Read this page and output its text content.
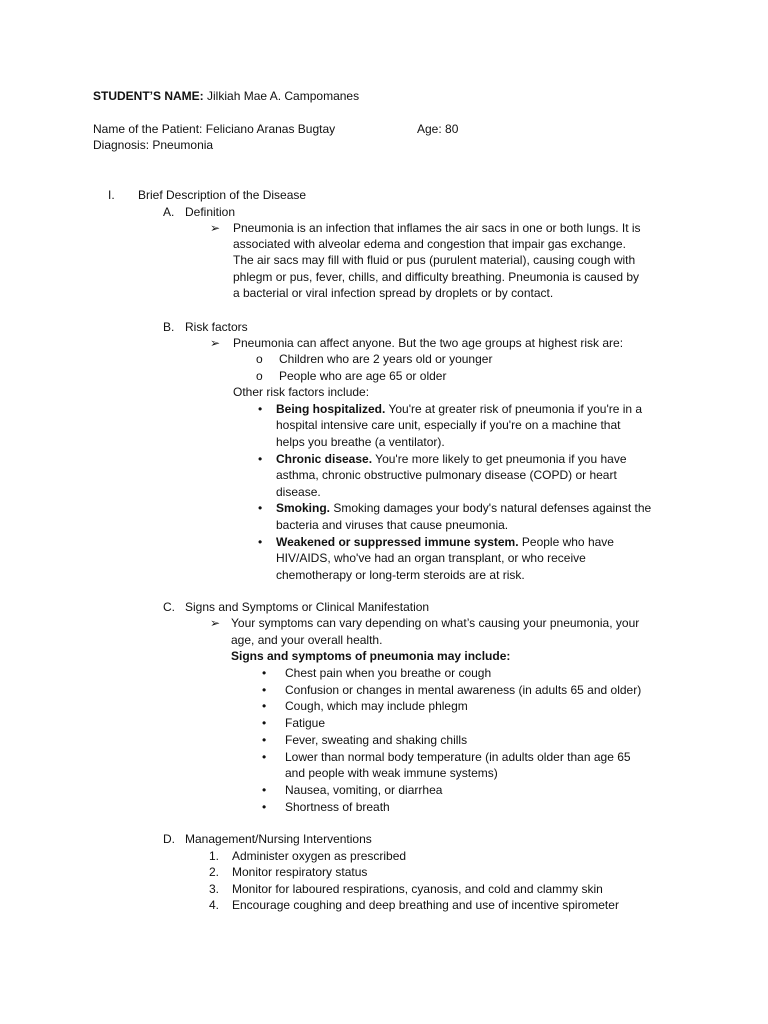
STUDENT’S NAME: Jilkiah Mae A. Campomanes
Name of the Patient: Feliciano Aranas Bugtay	Age: 80
Diagnosis: Pneumonia
I. Brief Description of the Disease
A. Definition
➢ Pneumonia is an infection that inflames the air sacs in one or both lungs. It is
associated with alveolar edema and congestion that impair gas exchange.
The air sacs may fill with fluid or pus (purulent material), causing cough with
phlegm or pus, fever, chills, and difficulty breathing. Pneumonia is caused by
a bacterial or viral infection spread by droplets or by contact.
B. Risk factors
➢ Pneumonia can affect anyone. But the two age groups at highest risk are:
o Children who are 2 years old or younger
o People who are age 65 or older
Other risk factors include:
• Being hospitalized. You're at greater risk of pneumonia if you're in a
hospital intensive care unit, especially if you're on a machine that
helps you breathe (a ventilator).
• Chronic disease. You're more likely to get pneumonia if you have
asthma, chronic obstructive pulmonary disease (COPD) or heart
disease.
• Smoking. Smoking damages your body's natural defenses against the
bacteria and viruses that cause pneumonia.
• Weakened or suppressed immune system. People who have
HIV/AIDS, who've had an organ transplant, or who receive
chemotherapy or long-term steroids are at risk.
C. Signs and Symptoms or Clinical Manifestation
➢ Your symptoms can vary depending on what’s causing your pneumonia, your
age, and your overall health.
Signs and symptoms of pneumonia may include:
• Chest pain when you breathe or cough
• Confusion or changes in mental awareness (in adults 65 and older)
• Cough, which may include phlegm
• Fatigue
• Fever, sweating and shaking chills
• Lower than normal body temperature (in adults older than age 65
and people with weak immune systems)
• Nausea, vomiting, or diarrhea
• Shortness of breath
D. Management/Nursing Interventions
1. Administer oxygen as prescribed
2. Monitor respiratory status
3. Monitor for laboured respirations, cyanosis, and cold and clammy skin
4. Encourage coughing and deep breathing and use of incentive spirometer
